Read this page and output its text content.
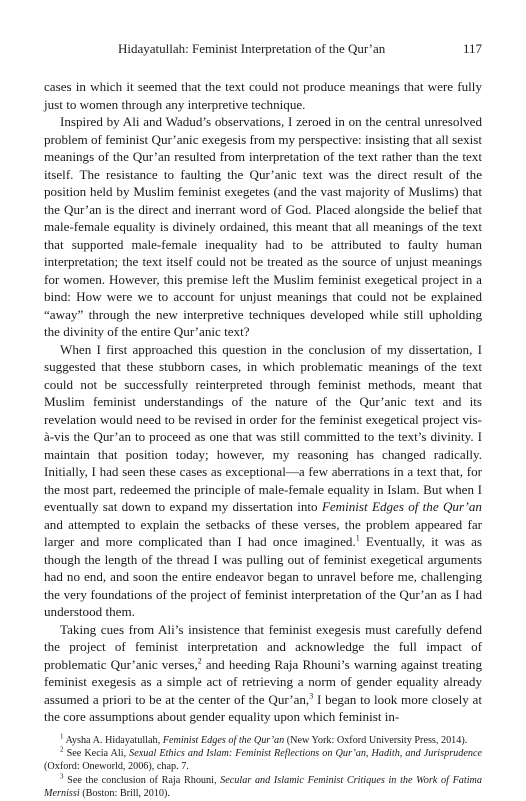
Hidayatullah: Feminist Interpretation of the Qur’an	117

cases in which it seemed that the text could not produce meanings that were fully just to women through any interpretive technique.

Inspired by Ali and Wadud’s observations, I zeroed in on the central unresolved problem of feminist Qur’anic exegesis from my perspective: insisting that all sexist meanings of the Qur’an resulted from interpretation of the text rather than the text itself. The resistance to faulting the Qur’anic text was the direct result of the position held by Muslim feminist exegetes (and the vast majority of Muslims) that the Qur’an is the direct and inerrant word of God. Placed alongside the belief that male-female equality is divinely ordained, this meant that all meanings of the text that supported male-female inequality had to be attributed to faulty human interpretation; the text itself could not be treated as the source of unjust meanings for women. However, this premise left the Muslim feminist exegetical project in a bind: How were we to account for unjust meanings that could not be explained “away” through the new interpretive techniques developed while still upholding the divinity of the entire Qur’anic text?

When I first approached this question in the conclusion of my dissertation, I suggested that these stubborn cases, in which problematic meanings of the text could not be successfully reinterpreted through feminist methods, meant that Muslim feminist understandings of the nature of the Qur’anic text and its revelation would need to be revised in order for the feminist exegetical project vis-à-vis the Qur’an to proceed as one that was still committed to the text’s divinity. I maintain that position today; however, my reasoning has changed radically. Initially, I had seen these cases as exceptional—a few aberrations in a text that, for the most part, redeemed the principle of male-female equality in Islam. But when I eventually sat down to expand my dissertation into Feminist Edges of the Qur’an and attempted to explain the setbacks of these verses, the problem appeared far larger and more complicated than I had once imagined.$^1$ Eventually, it was as though the length of the thread I was pulling out of feminist exegetical arguments had no end, and soon the entire endeavor began to unravel before me, challenging the very foundations of the project of feminist interpretation of the Qur’an as I had understood them.

Taking cues from Ali’s insistence that feminist exegesis must carefully defend the project of feminist interpretation and acknowledge the full impact of problematic Qur’anic verses,$^2$ and heeding Raja Rhouni’s warning against treating feminist exegesis as a simple act of retrieving a norm of gender equality already assumed a priori to be at the center of the Qur’an,$^3$ I began to look more closely at the core assumptions about gender equality upon which feminist in-

$^1$ Aysha A. Hidayatullah, Feminist Edges of the Qur’an (New York: Oxford University Press, 2014).

$^2$ See Kecia Ali, Sexual Ethics and Islam: Feminist Reflections on Qur’an, Hadith, and Jurisprudence (Oxford: Oneworld, 2006), chap. 7.

$^3$ See the conclusion of Raja Rhouni, Secular and Islamic Feminist Critiques in the Work of Fatima Mernissi (Boston: Brill, 2010).
